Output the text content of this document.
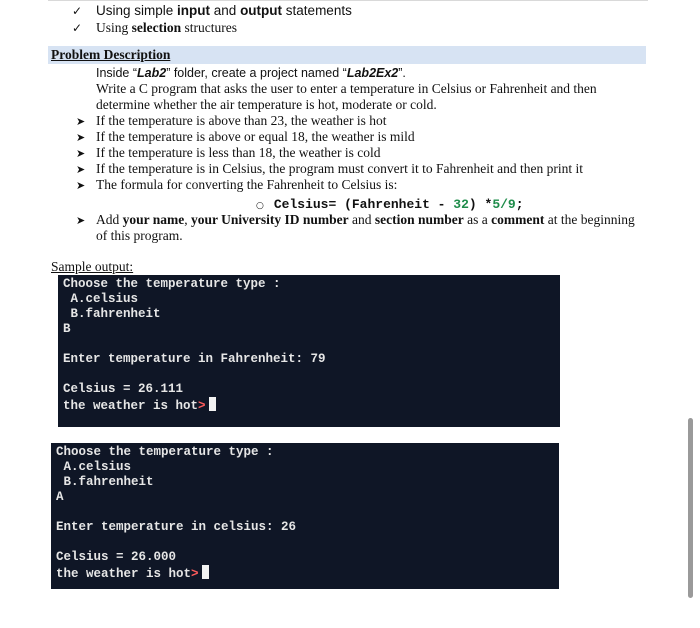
✓ Using simple input and output statements
✓ Using selection structures
Problem Description
Inside “Lab2” folder, create a project named “Lab2Ex2”.
Write a C program that asks the user to enter a temperature in Celsius or Fahrenheit and then
determine whether the air temperature is hot, moderate or cold.
➤ If the temperature is above than 23, the weather is hot
➤ If the temperature is above or equal 18, the weather is mild
➤ If the temperature is less than 18, the weather is cold
➤ If the temperature is in Celsius, the program must convert it to Fahrenheit and then print it
➤ The formula for converting the Fahrenheit to Celsius is:
○ Celsius= (Fahrenheit - 32) *5/9;
➤ Add your name, your University ID number and section number as a comment at the beginning
of this program.
Sample output:
Choose the temperature type :
A.celsius
B.fahrenheit
B
Enter temperature in Fahrenheit: 79
Celsius = 26.111
the weather is hot>
Choose the temperature type :
A.celsius
B.fahrenheit
A
Enter temperature in celsius: 26
Celsius = 26.000
the weather is hot>
